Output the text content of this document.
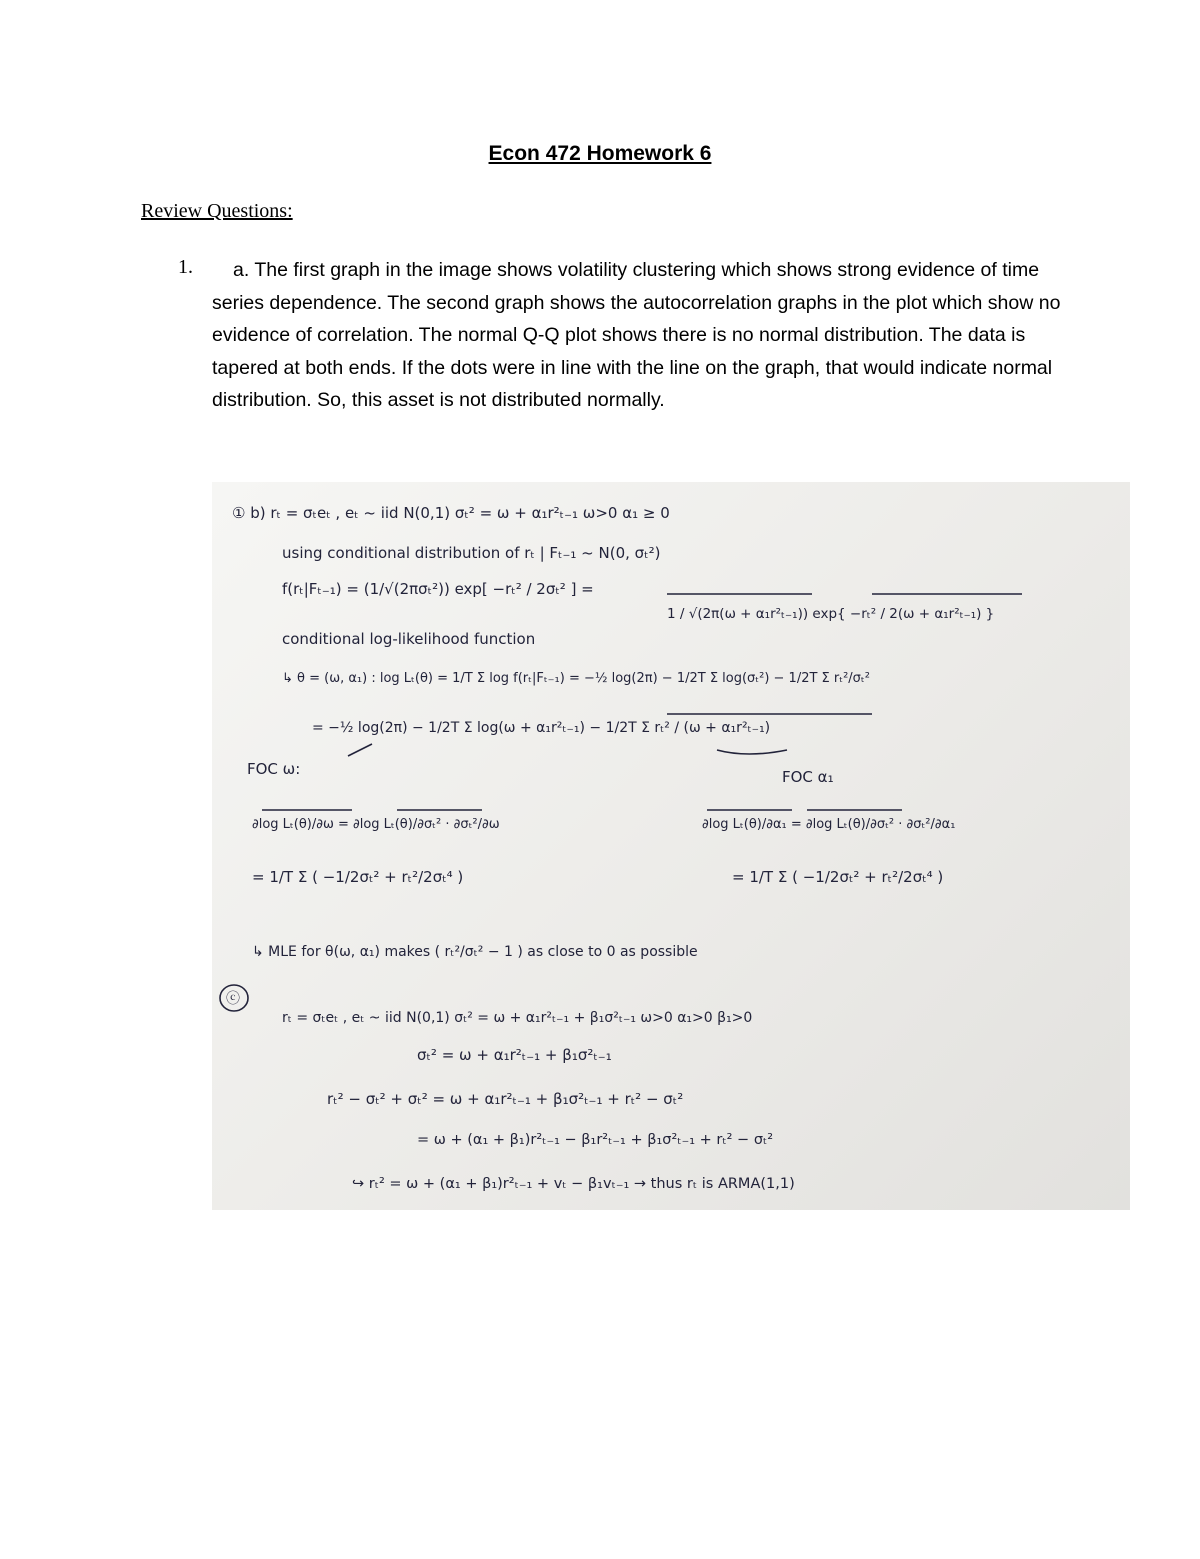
Econ 472 Homework 6
Review Questions:
1.	a. The first graph in the image shows volatility clustering which shows strong evidence of time series dependence. The second graph shows the autocorrelation graphs in the plot which show no evidence of correlation. The normal Q-Q plot shows there is no normal distribution. The data is tapered at both ends. If the dots were in line with the line on the graph, that would indicate normal distribution. So, this asset is not distributed normally.
① b) rₜ = σₜeₜ , eₜ ~ iid N(0,1) σₜ² = ω + α₁r²ₜ₋₁ ω>0 α₁ ≥ 0
using conditional distribution of rₜ | Fₜ₋₁ ~ N(0, σₜ²)
f(rₜ|Fₜ₋₁) = (1/√(2πσₜ²)) exp[ −rₜ² / 2σₜ² ] =
1 / √(2π(ω + α₁r²ₜ₋₁)) exp{ −rₜ² / 2(ω + α₁r²ₜ₋₁) }
conditional log-likelihood function
↳ θ = (ω, α₁) : log Lₜ(θ) = 1/T Σ log f(rₜ|Fₜ₋₁) = −½ log(2π) − 1/2T Σ log(σₜ²) − 1/2T Σ rₜ²/σₜ²
= −½ log(2π) − 1/2T Σ log(ω + α₁r²ₜ₋₁) − 1/2T Σ rₜ² / (ω + α₁r²ₜ₋₁)
FOC ω:	FOC α₁
∂log Lₜ(θ)/∂ω = ∂log Lₜ(θ)/∂σₜ² · ∂σₜ²/∂ω	∂log Lₜ(θ)/∂α₁ = ∂log Lₜ(θ)/∂σₜ² · ∂σₜ²/∂α₁
= 1/T Σ ( −1/2σₜ² + rₜ²/2σₜ⁴ )	= 1/T Σ ( −1/2σₜ² + rₜ²/2σₜ⁴ )
↳ MLE for θ(ω, α₁) makes ( rₜ²/σₜ² − 1 ) as close to 0 as possible
ⓒ
rₜ = σₜeₜ , eₜ ~ iid N(0,1) σₜ² = ω + α₁r²ₜ₋₁ + β₁σ²ₜ₋₁ ω>0 α₁>0 β₁>0
σₜ² = ω + α₁r²ₜ₋₁ + β₁σ²ₜ₋₁
rₜ² − σₜ² + σₜ² = ω + α₁r²ₜ₋₁ + β₁σ²ₜ₋₁ + rₜ² − σₜ²
= ω + (α₁ + β₁)r²ₜ₋₁ − β₁r²ₜ₋₁ + β₁σ²ₜ₋₁ + rₜ² − σₜ²
↪ rₜ² = ω + (α₁ + β₁)r²ₜ₋₁ + vₜ − β₁vₜ₋₁ → thus rₜ is ARMA(1,1)
